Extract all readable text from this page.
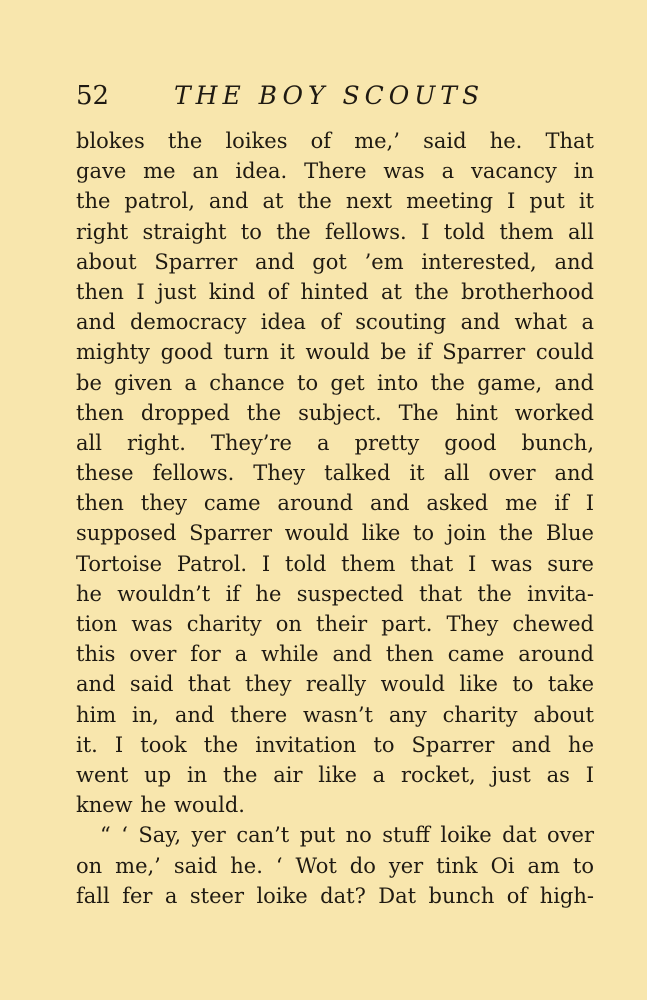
52	THE BOY SCOUTS
blokes the loikes of me,’ said he. That
gave me an idea. There was a vacancy in
the patrol, and at the next meeting I put it
right straight to the fellows. I told them all
about Sparrer and got ’em interested, and
then I just kind of hinted at the brotherhood
and democracy idea of scouting and what a
mighty good turn it would be if Sparrer could
be given a chance to get into the game, and
then dropped the subject. The hint worked
all right. They’re a pretty good bunch,
these fellows. They talked it all over and
then they came around and asked me if I
supposed Sparrer would like to join the Blue
Tortoise Patrol. I told them that I was sure
he wouldn’t if he suspected that the invita-
tion was charity on their part. They chewed
this over for a while and then came around
and said that they really would like to take
him in, and there wasn’t any charity about
it. I took the invitation to Sparrer and he
went up in the air like a rocket, just as I
knew he would.
“ ‘ Say, yer can’t put no stuff loike dat over
on me,’ said he. ‘ Wot do yer tink Oi am to
fall fer a steer loike dat? Dat bunch of high-
